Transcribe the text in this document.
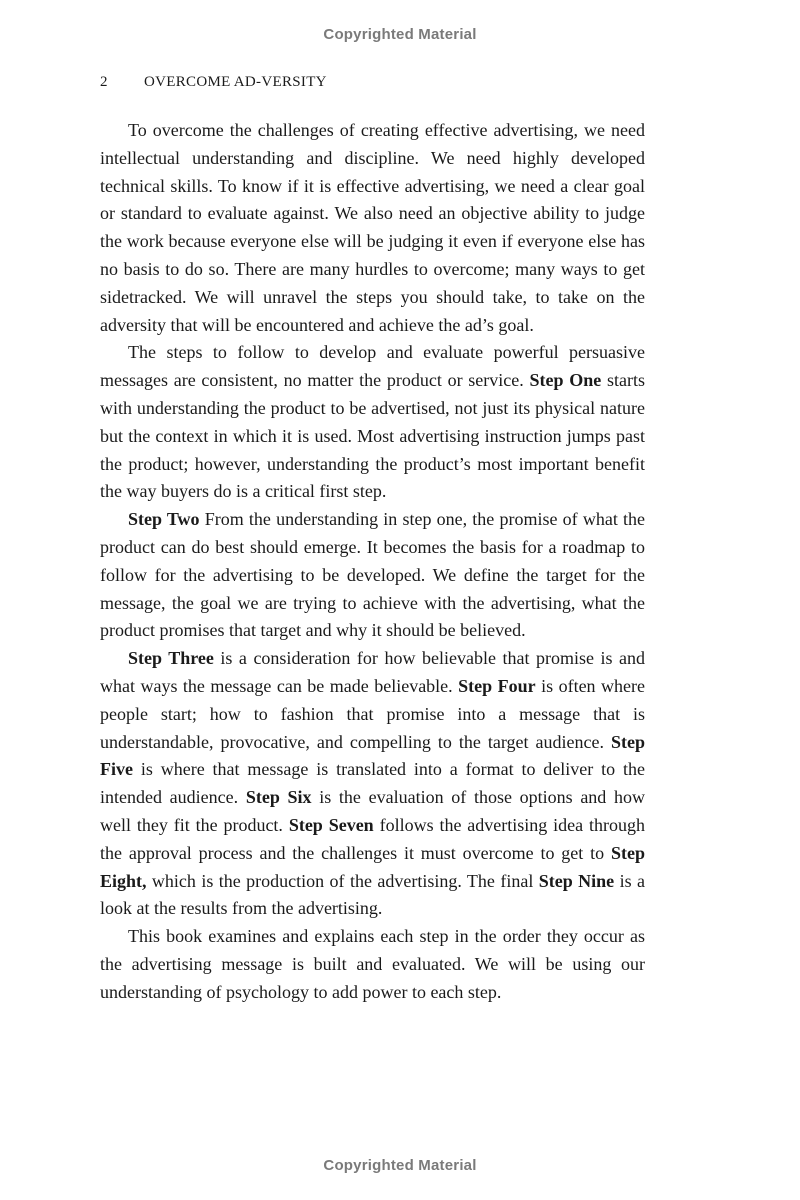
Copyrighted Material
2 OVERCOME AD-VERSITY

To overcome the challenges of creating effective advertising, we need intellectual understanding and discipline. We need highly developed technical skills. To know if it is effective advertising, we need a clear goal or standard to evaluate against. We also need an objective ability to judge the work because everyone else will be judging it even if everyone else has no basis to do so. There are many hurdles to overcome; many ways to get sidetracked. We will unravel the steps you should take, to take on the adversity that will be encountered and achieve the ad’s goal.

The steps to follow to develop and evaluate powerful persuasive messages are consistent, no matter the product or service. Step One starts with understanding the product to be advertised, not just its physical nature but the context in which it is used. Most advertising instruction jumps past the product; however, understanding the product’s most important benefit the way buyers do is a critical first step.

Step Two From the understanding in step one, the promise of what the product can do best should emerge. It becomes the basis for a roadmap to follow for the advertising to be developed. We define the target for the message, the goal we are trying to achieve with the advertising, what the product promises that target and why it should be believed.

Step Three is a consideration for how believable that promise is and what ways the message can be made believable. Step Four is often where people start; how to fashion that promise into a message that is understandable, provocative, and compelling to the target audience. Step Five is where that message is translated into a format to deliver to the intended audience. Step Six is the evaluation of those options and how well they fit the product. Step Seven follows the advertising idea through the approval process and the challenges it must overcome to get to Step Eight, which is the production of the advertising. The final Step Nine is a look at the results from the advertising.

This book examines and explains each step in the order they occur as the advertising message is built and evaluated. We will be using our understanding of psychology to add power to each step.

Copyrighted Material
